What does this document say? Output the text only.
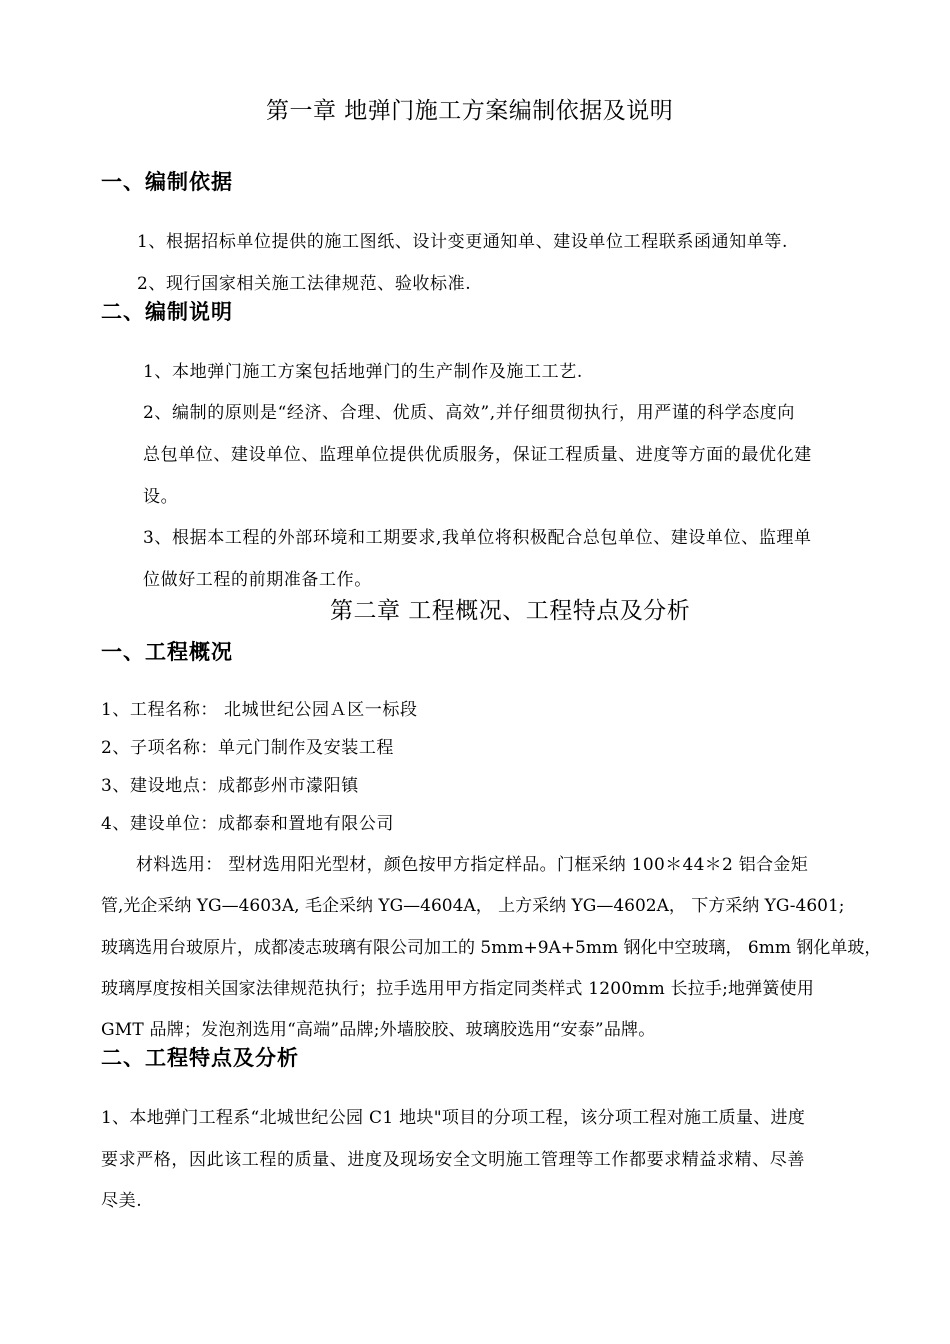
第一章 地弹门施工方案编制依据及说明
一、编制依据

1、根据招标单位提供的施工图纸、设计变更通知单、建设单位工程联系函通知单等.

2、现行国家相关施工法律规范、验收标准.

二、编制说明

1、本地弹门施工方案包括地弹门的生产制作及施工工艺.

2、编制的原则是“经济、合理、优质、高效”,并仔细贯彻执行，用严谨的科学态度向

总包单位、建设单位、监理单位提供优质服务，保证工程质量、进度等方面的最优化建

设。

3、根据本工程的外部环境和工期要求,我单位将积极配合总包单位、建设单位、监理单

位做好工程的前期准备工作。

第二章 工程概况、工程特点及分析
一、工程概况

1、工程名称： 北城世纪公园Ａ区一标段

2、子项名称：单元门制作及安装工程

3、建设地点：成都彭州市濛阳镇

4、建设单位：成都泰和置地有限公司

材料选用： 型材选用阳光型材，颜色按甲方指定样品。门框采纳 100＊44＊2 铝合金矩

管,光企采纳 YG—4603A, 毛企采纳 YG—4604A， 上方采纳 YG—4602A， 下方采纳 YG-4601;

玻璃选用台玻原片，成都凌志玻璃有限公司加工的 5mm+9A+5mm 钢化中空玻璃， 6mm 钢化单玻，

玻璃厚度按相关国家法律规范执行；拉手选用甲方指定同类样式 1200mm 长拉手;地弹簧使用

GMT 品牌；发泡剂选用“高端”品牌;外墙胶胶、玻璃胶选用“安泰”品牌。

二、工程特点及分析

1、本地弹门工程系“北城世纪公园 C1 地块"项目的分项工程，该分项工程对施工质量、进度

要求严格，因此该工程的质量、进度及现场安全文明施工管理等工作都要求精益求精、尽善

尽美.
